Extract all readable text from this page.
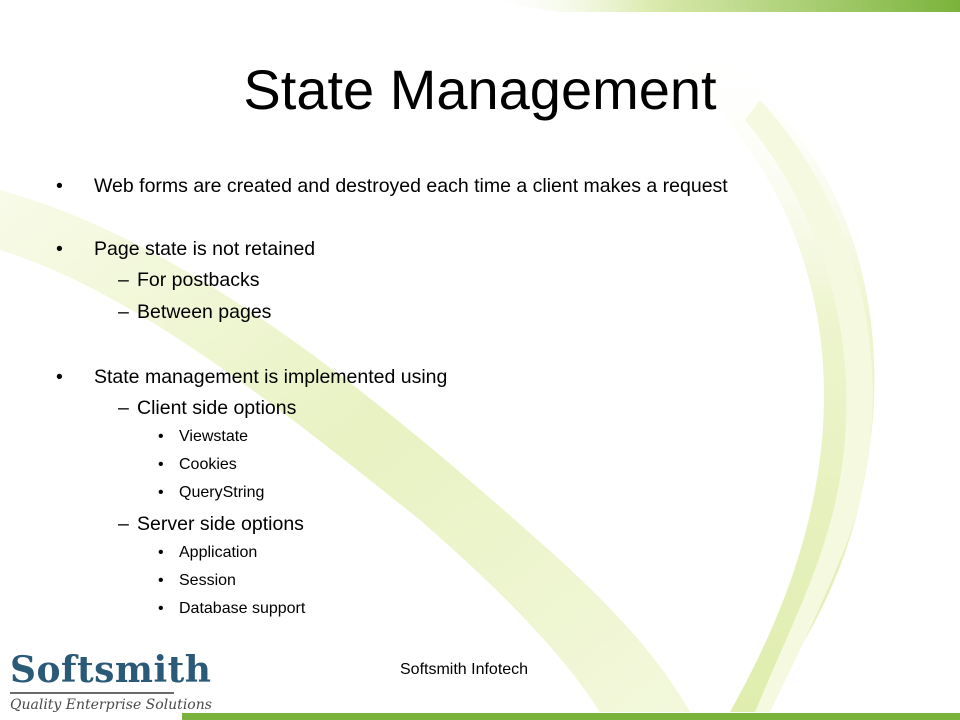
State Management
• Web forms are created and destroyed each time a client makes a request
• Page state is not retained
– For postbacks
– Between pages
• State management is implemented using
– Client side options
• Viewstate
• Cookies
• QueryString
– Server side options
• Application
• Session
• Database support
Softsmith
Quality Enterprise Solutions
Softsmith Infotech
